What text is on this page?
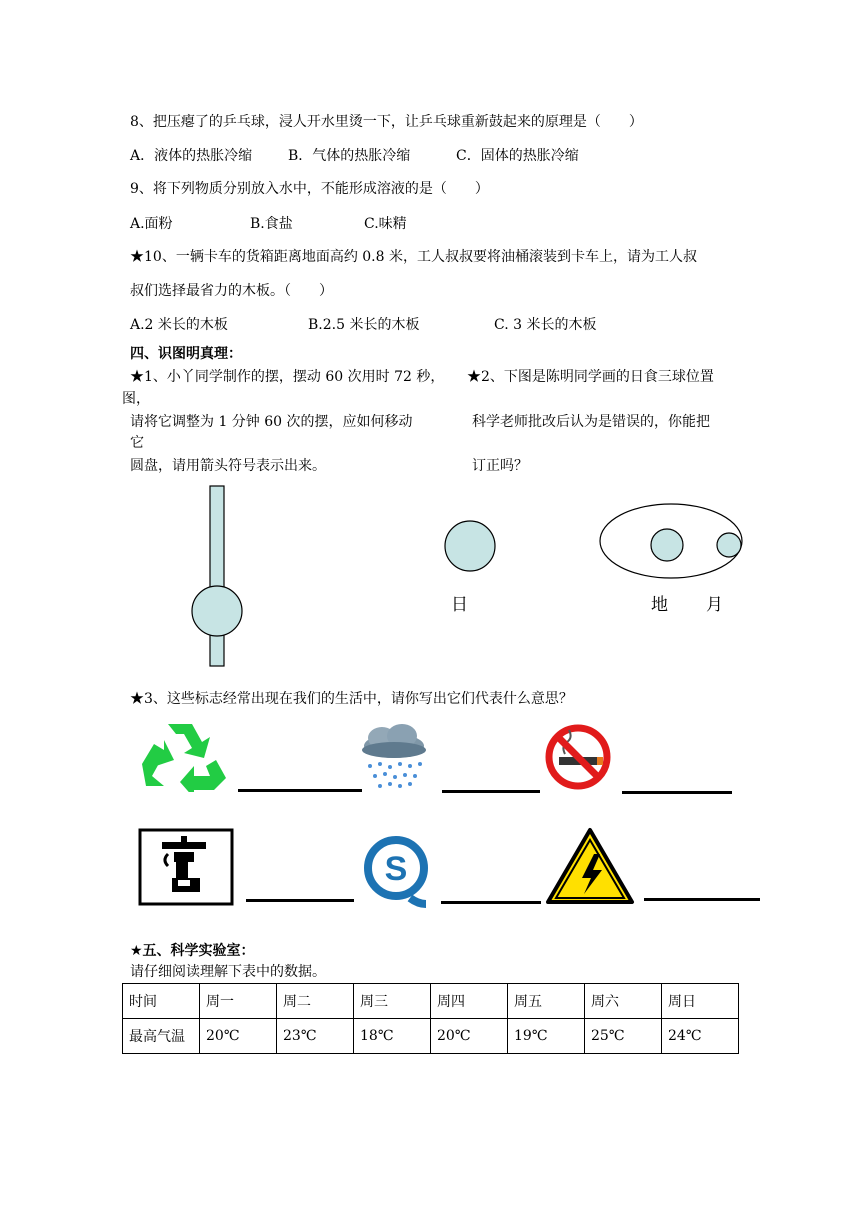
8、把压瘪了的乒乓球，浸人开水里烫一下，让乒乓球重新鼓起来的原理是（　　）
A．液体的热胀冷缩	B．气体的热胀冷缩	C．固体的热胀冷缩
9、将下列物质分别放入水中，不能形成溶液的是（　　）
A.面粉	B.食盐	C.味精
★10、一辆卡车的货箱距离地面高约 0.8 米，工人叔叔要将油桶滚装到卡车上，请为工人叔
叔们选择最省力的木板。（　　）
A.2 米长的木板	B.2.5 米长的木板	C. 3 米长的木板
四、识图明真理：
★1、小丫同学制作的摆，摆动 60 次用时 72 秒，
请将它调整为 1 分钟 60 次的摆，应如何移动
它
圆盘，请用箭头符号表示出来。
★2、下图是陈明同学画的日食三球位置
图，
科学老师批改后认为是错误的，你能把
订正吗？
日	地 月
★3、这些标志经常出现在我们的生活中，请你写出它们代表什么意思？
S
★五、科学实验室：
请仔细阅读理解下表中的数据。
时间	周一	周二	周三	周四	周五	周六	周日
最高气温	20℃	23℃	18℃	20℃	19℃	25℃	24℃
